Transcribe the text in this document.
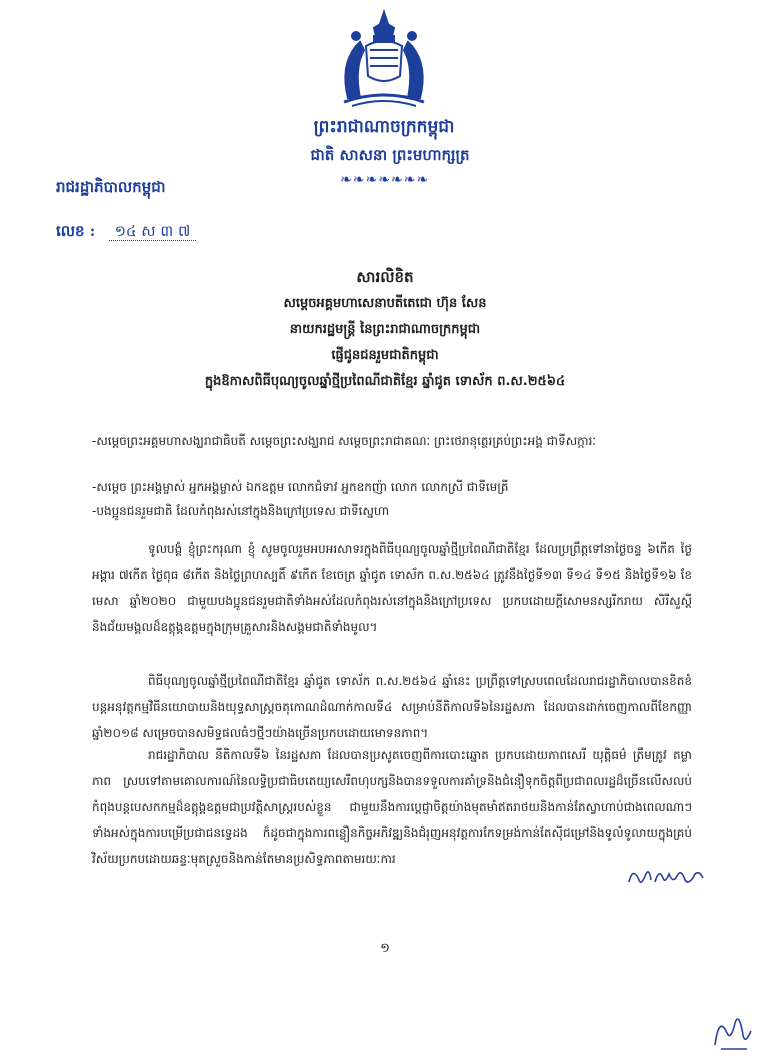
ព្រះរាជាណាចក្រកម្ពុជា
ជាតិ សាសនា ព្រះមហាក្សត្រ
❧❧❧❧❧❧❧
រាជរដ្ឋាភិបាលកម្ពុជា
លេខ : ១៤ ស ៣ ៧
សារលិខិត
សម្តេចអគ្គមហាសេនាបតីតេជោ ហ៊ុន សែន
នាយករដ្ឋមន្ត្រី នៃព្រះរាជាណាចក្រកម្ពុជា
ផ្ញើជូនជនរួមជាតិកម្ពុជា
ក្នុងឱកាសពិធីបុណ្យចូលឆ្នាំថ្មីប្រពៃណីជាតិខ្មែរ ឆ្នាំជូត ទោស័ក ព.ស.២៥៦៤
-សម្តេចព្រះអគ្គមហាសង្ឃរាជាធិបតី សម្តេចព្រះសង្ឃរាជ សម្តេចព្រះរាជាគណៈ ព្រះថេរានុត្ថេរគ្រប់ព្រះអង្គ ជាទីសក្ការៈ
-សម្តេច ព្រះអង្គម្ចាស់ អ្នកអង្គម្ចាស់ ឯកឧត្តម លោកជំទាវ អ្នកឧកញ៉ា លោក លោកស្រី ជាទីមេត្រី
-បងប្អូនជនរួមជាតិ ដែលកំពុងរស់នៅក្នុងនិងក្រៅប្រទេស ជាទីស្នេហា
ទូលបង្គំ ខ្ញុំព្រះករុណា ខ្ញុំ សូមចូលរួមអបអរសាទរក្នុងពិធីបុណ្យចូលឆ្នាំថ្មីប្រពៃណីជាតិខ្មែរ ដែលប្រព្រឹត្តទៅនាថ្ងៃចន្ទ ៦កើត ថ្ងៃអង្គារ ៧កើត ថ្ងៃពុធ ៨កើត និងថ្ងៃព្រហស្បតិ៍ ៩កើត ខែចេត្រ ឆ្នាំជូត ទោស័ក ព.ស.២៥៦៤ ត្រូវនឹងថ្ងៃទី១៣ ទី១៤ ទី១៥ និងថ្ងៃទី១៦ ខែមេសា ឆ្នាំ២០២០ ជាមួយបងប្អូនជនរួមជាតិទាំងអស់ដែលកំពុងរស់នៅក្នុងនិងក្រៅប្រទេស ប្រកបដោយក្តីសោមនស្សរីករាយ សិរីសួស្តី និងជ័យមង្គលដ៏ឧត្តុង្គឧត្តមក្នុងក្រុមគ្រួសារនិងសង្គមជាតិទាំងមូល។
ពិធីបុណ្យចូលឆ្នាំថ្មីប្រពៃណីជាតិខ្មែរ ឆ្នាំជូត ទោស័ក ព.ស.២៥៦៤ ឆ្នាំនេះ ប្រព្រឹត្តទៅស្របពេលដែលរាជរដ្ឋាភិបាលបានខិតខំបន្តអនុវត្តកម្មវិធីនយោបាយនិងយុទ្ធសាស្ត្រចតុកោណដំណាក់កាលទី៤ សម្រាប់នីតិកាលទី៦នៃរដ្ឋសភា ដែលបានដាក់ចេញកាលពីខែកញ្ញា ឆ្នាំ២០១៨ សម្រេចបានសមិទ្ធផលធំៗថ្មីៗយ៉ាងច្រើនប្រកបដោយមោទនភាព។
រាជរដ្ឋាភិបាល នីតិកាលទី៦ នៃរដ្ឋសភា ដែលបានប្រសូតចេញពីការបោះឆ្នោត ប្រកបដោយភាពសេរី យុត្តិធម៌ ត្រឹមត្រូវ តម្លាភាព ស្របទៅតាមគោលការណ៍នៃលទ្ធិប្រជាធិបតេយ្យសេរីពហុបក្សនិងបានទទួលការគាំទ្រនិងជំនឿទុកចិត្តពីប្រជាពលរដ្ឋដ៏ច្រើនលើសលប់ កំពុងបន្តបេសកកម្មដ៏ឧត្តុង្គឧត្តមជាប្រវត្តិសាស្ត្ររបស់ខ្លួន ជាមួយនឹងការប្តេជ្ញាចិត្តយ៉ាងមុតមាំឥតរាថយនិងកាន់តែស្វាហាប់ជាងពេលណាៗទាំងអស់ក្នុងការបម្រើប្រជាជនទ្វេដង ក៏ដូចជាក្នុងការពន្លឿនកិច្ចអភិវឌ្ឍនិងជំរុញអនុវត្តការកែទម្រង់កាន់តែស៊ីជម្រៅនិងទូលំទូលាយក្នុងគ្រប់វិស័យប្រកបដោយឆន្ទៈមុតស្រួចនិងកាន់តែមានប្រសិទ្ធភាពតាមរយៈការ
១
